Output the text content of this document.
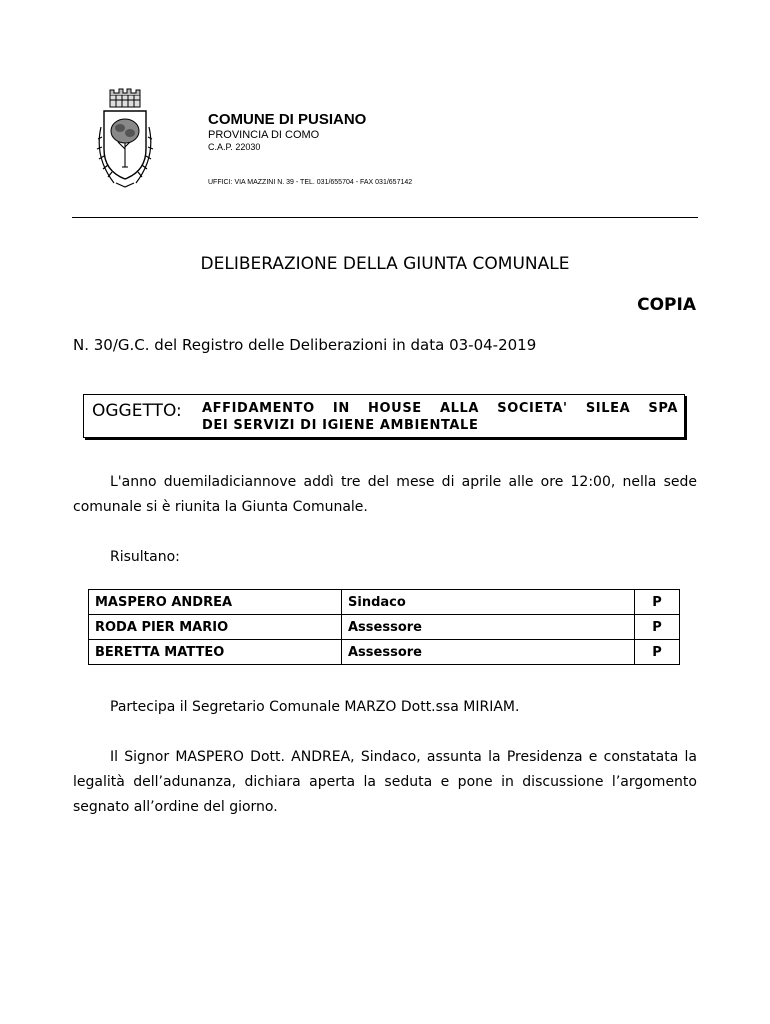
COMUNE DI PUSIANO
PROVINCIA DI COMO
C.A.P. 22030
UFFICI: VIA MAZZINI N. 39 - TEL. 031/655704 - FAX 031/657142
DELIBERAZIONE DELLA GIUNTA COMUNALE
COPIA
N. 30/G.C. del Registro delle Deliberazioni in data 03-04-2019
OGGETTO: AFFIDAMENTO IN HOUSE ALLA SOCIETA' SILEA SPA
DEI SERVIZI DI IGIENE AMBIENTALE
L'anno duemiladiciannove addì tre del mese di aprile alle ore 12:00, nella sede comunale si è riunita la Giunta Comunale.
Risultano:
MASPERO ANDREA	Sindaco	P
RODA PIER MARIO	Assessore	P
BERETTA MATTEO	Assessore	P
Partecipa il Segretario Comunale MARZO Dott.ssa MIRIAM.
Il Signor MASPERO Dott. ANDREA, Sindaco, assunta la Presidenza e constatata la legalità dell’adunanza, dichiara aperta la seduta e pone in discussione l’argomento segnato all’ordine del giorno.
